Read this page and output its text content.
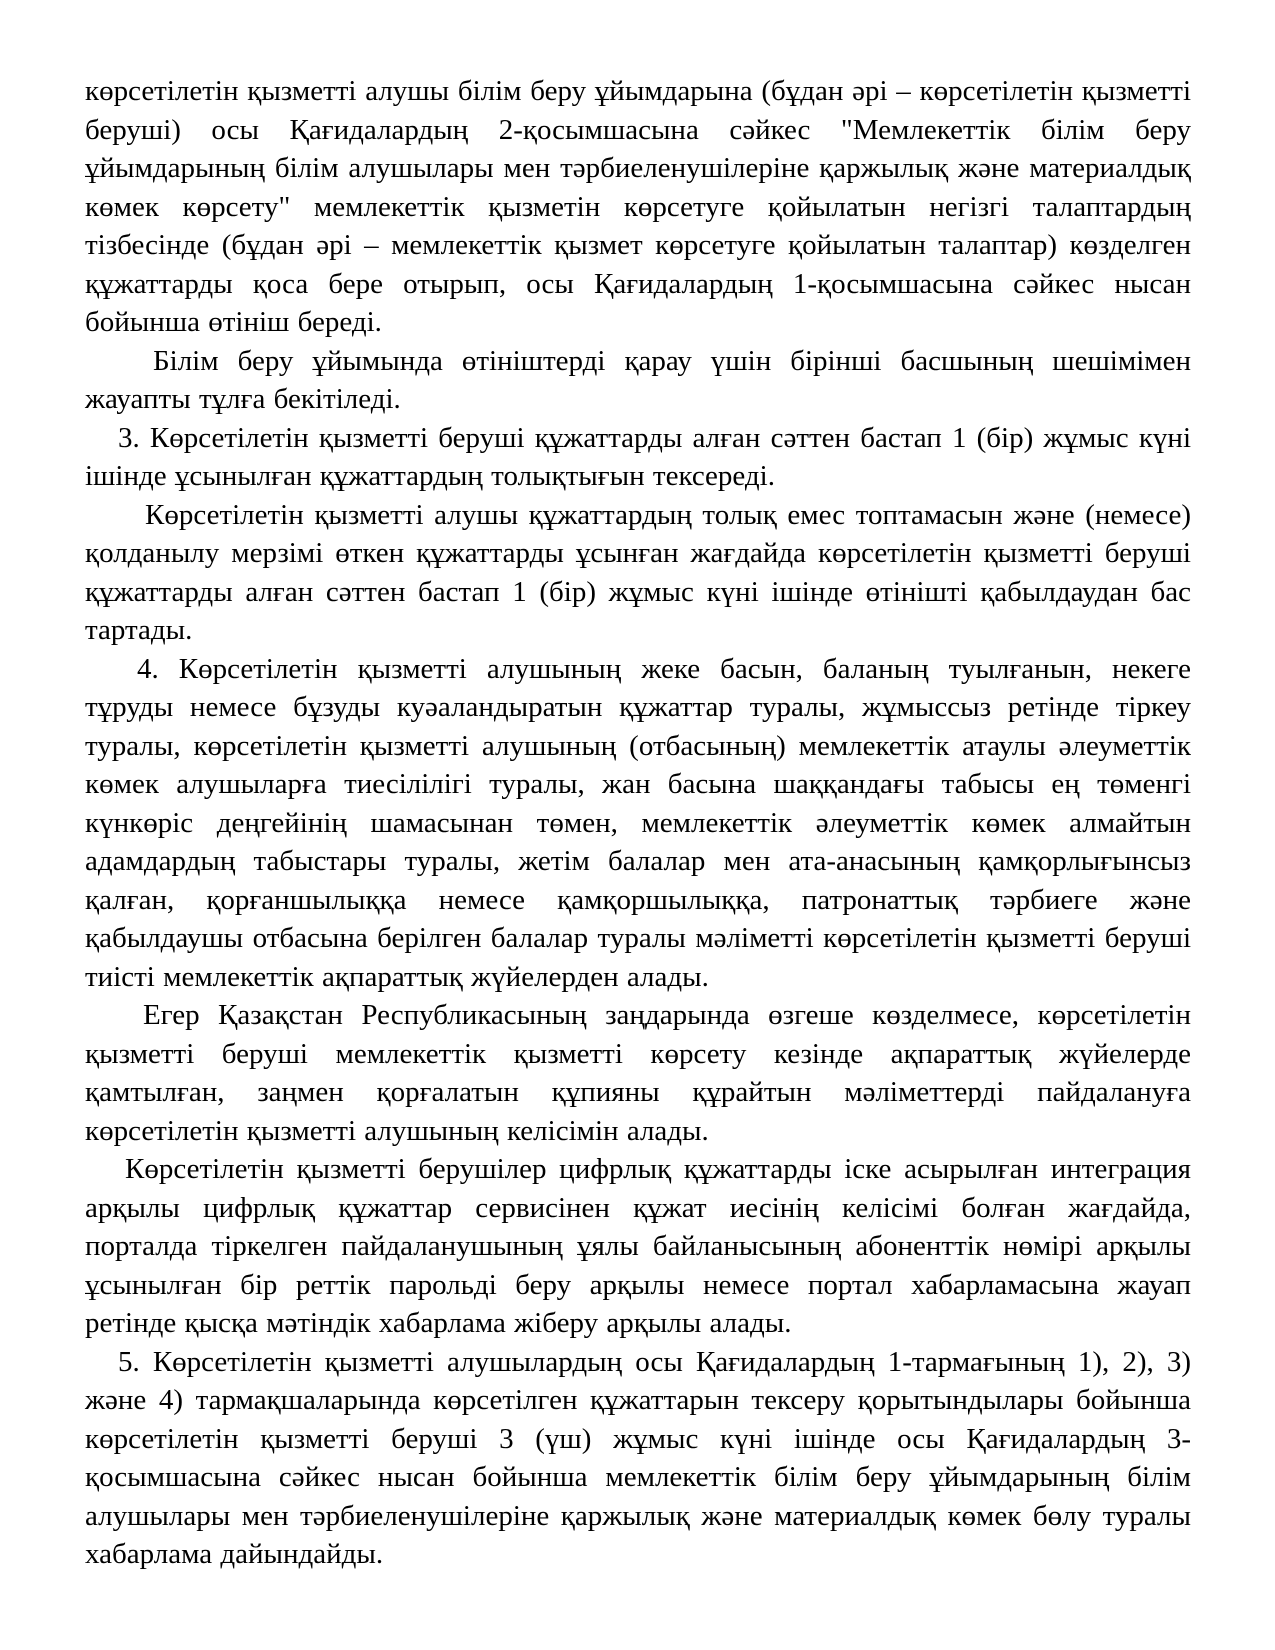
көрсетілетін қызметті алушы білім беру ұйымдарына (бұдан әрі – көрсетілетін қызметті беруші) осы Қағидалардың 2-қосымшасына сәйкес "Мемлекеттік білім беру ұйымдарының білім алушылары мен тәрбиеленушілеріне қаржылық және материалдық көмек көрсету" мемлекеттік қызметін көрсетуге қойылатын негізгі талаптардың тізбесінде (бұдан әрі – мемлекеттік қызмет көрсетуге қойылатын талаптар) көзделген құжаттарды қоса бере отырып, осы Қағидалардың 1-қосымшасына сәйкес нысан бойынша өтініш береді.

Білім беру ұйымында өтініштерді қарау үшін бірінші басшының шешімімен жауапты тұлға бекітіледі.

3. Көрсетілетін қызметті беруші құжаттарды алған сәттен бастап 1 (бір) жұмыс күні ішінде ұсынылған құжаттардың толықтығын тексереді.

Көрсетілетін қызметті алушы құжаттардың толық емес топтамасын және (немесе) қолданылу мерзімі өткен құжаттарды ұсынған жағдайда көрсетілетін қызметті беруші құжаттарды алған сәттен бастап 1 (бір) жұмыс күні ішінде өтінішті қабылдаудан бас тартады.

4. Көрсетілетін қызметті алушының жеке басын, баланың туылғанын, некеге тұруды немесе бұзуды куәаландыратын құжаттар туралы, жұмыссыз ретінде тіркеу туралы, көрсетілетін қызметті алушының (отбасының) мемлекеттік атаулы әлеуметтік көмек алушыларға тиесілілігі туралы, жан басына шаққандағы табысы ең төменгі күнкөріс деңгейінің шамасынан төмен, мемлекеттік әлеуметтік көмек алмайтын адамдардың табыстары туралы, жетім балалар мен ата-анасының қамқорлығынсыз қалған, қорғаншылыққа немесе қамқоршылыққа, патронаттық тәрбиеге және қабылдаушы отбасына берілген балалар туралы мәліметті көрсетілетін қызметті беруші тиісті мемлекеттік ақпараттық жүйелерден алады.

Егер Қазақстан Республикасының заңдарында өзгеше көзделмесе, көрсетілетін қызметті беруші мемлекеттік қызметті көрсету кезінде ақпараттық жүйелерде қамтылған, заңмен қорғалатын құпияны құрайтын мәліметтерді пайдалануға көрсетілетін қызметті алушының келісімін алады.

Көрсетілетін қызметті берушілер цифрлық құжаттарды іске асырылған интеграция арқылы цифрлық құжаттар сервисінен құжат иесінің келісімі болған жағдайда, порталда тіркелген пайдаланушының ұялы байланысының абоненттік нөмірі арқылы ұсынылған бір реттік парольді беру арқылы немесе портал хабарламасына жауап ретінде қысқа мәтіндік хабарлама жіберу арқылы алады.

5. Көрсетілетін қызметті алушылардың осы Қағидалардың 1-тармағының 1), 2), 3) және 4) тармақшаларында көрсетілген құжаттарын тексеру қорытындылары бойынша көрсетілетін қызметті беруші 3 (үш) жұмыс күні ішінде осы Қағидалардың 3-қосымшасына сәйкес нысан бойынша мемлекеттік білім беру ұйымдарының білім алушылары мен тәрбиеленушілеріне қаржылық және материалдық көмек бөлу туралы хабарлама дайындайды.
